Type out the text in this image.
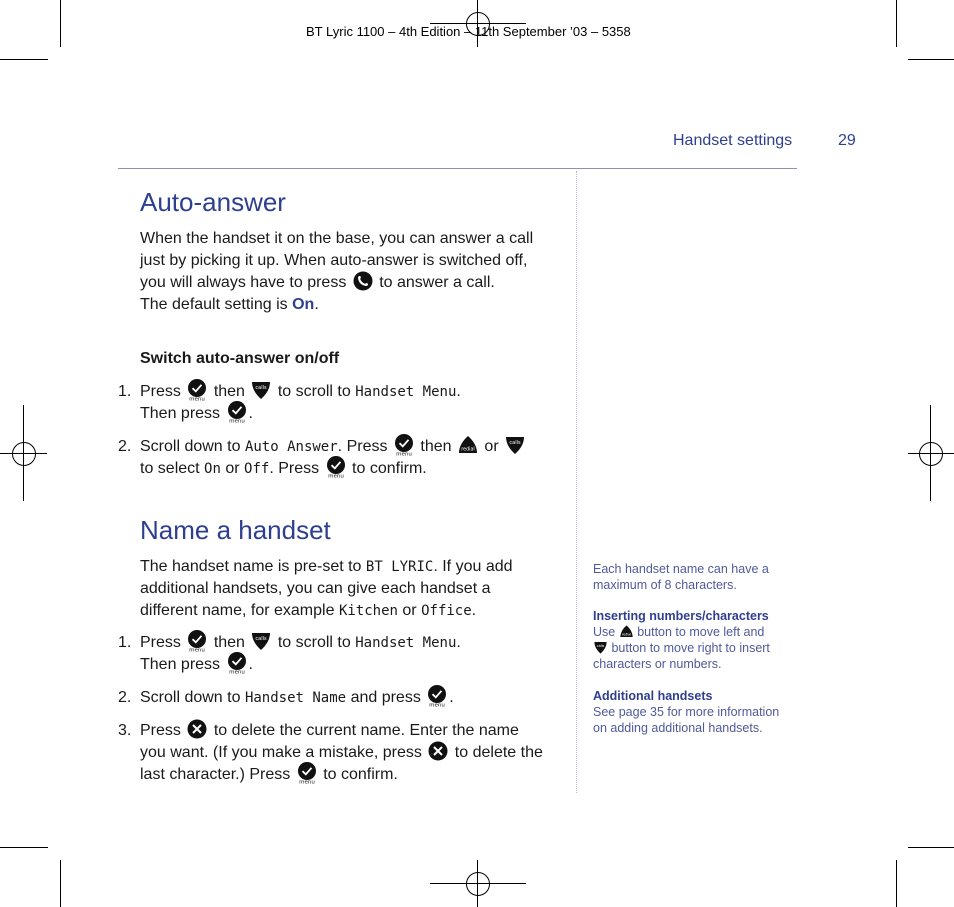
BT Lyric 1100 – 4th Edition – 11th September ’03 – 5358
Handset settings	29
Auto-answer
When the handset it on the base, you can answer a call
just by picking it up. When auto-answer is switched off,
you will always have to press to answer a call.
The default setting is On.
Switch auto-answer on/off
1. Press then to scroll to Handset Menu.
Then press .
2. Scroll down to Auto Answer. Press then or
to select On or Off. Press to confirm.
Name a handset
The handset name is pre-set to BT LYRIC. If you add
additional handsets, you can give each handset a
different name, for example Kitchen or Office.
1. Press then to scroll to Handset Menu.
Then press .
2. Scroll down to Handset Name and press .
3. Press to delete the current name. Enter the name
you want. (If you make a mistake, press to delete the
last character.) Press to confirm.
Each handset name can have a
maximum of 8 characters.
Inserting numbers/characters
Use button to move left and
button to move right to insert
characters or numbers.
Additional handsets
See page 35 for more information
on adding additional handsets.
